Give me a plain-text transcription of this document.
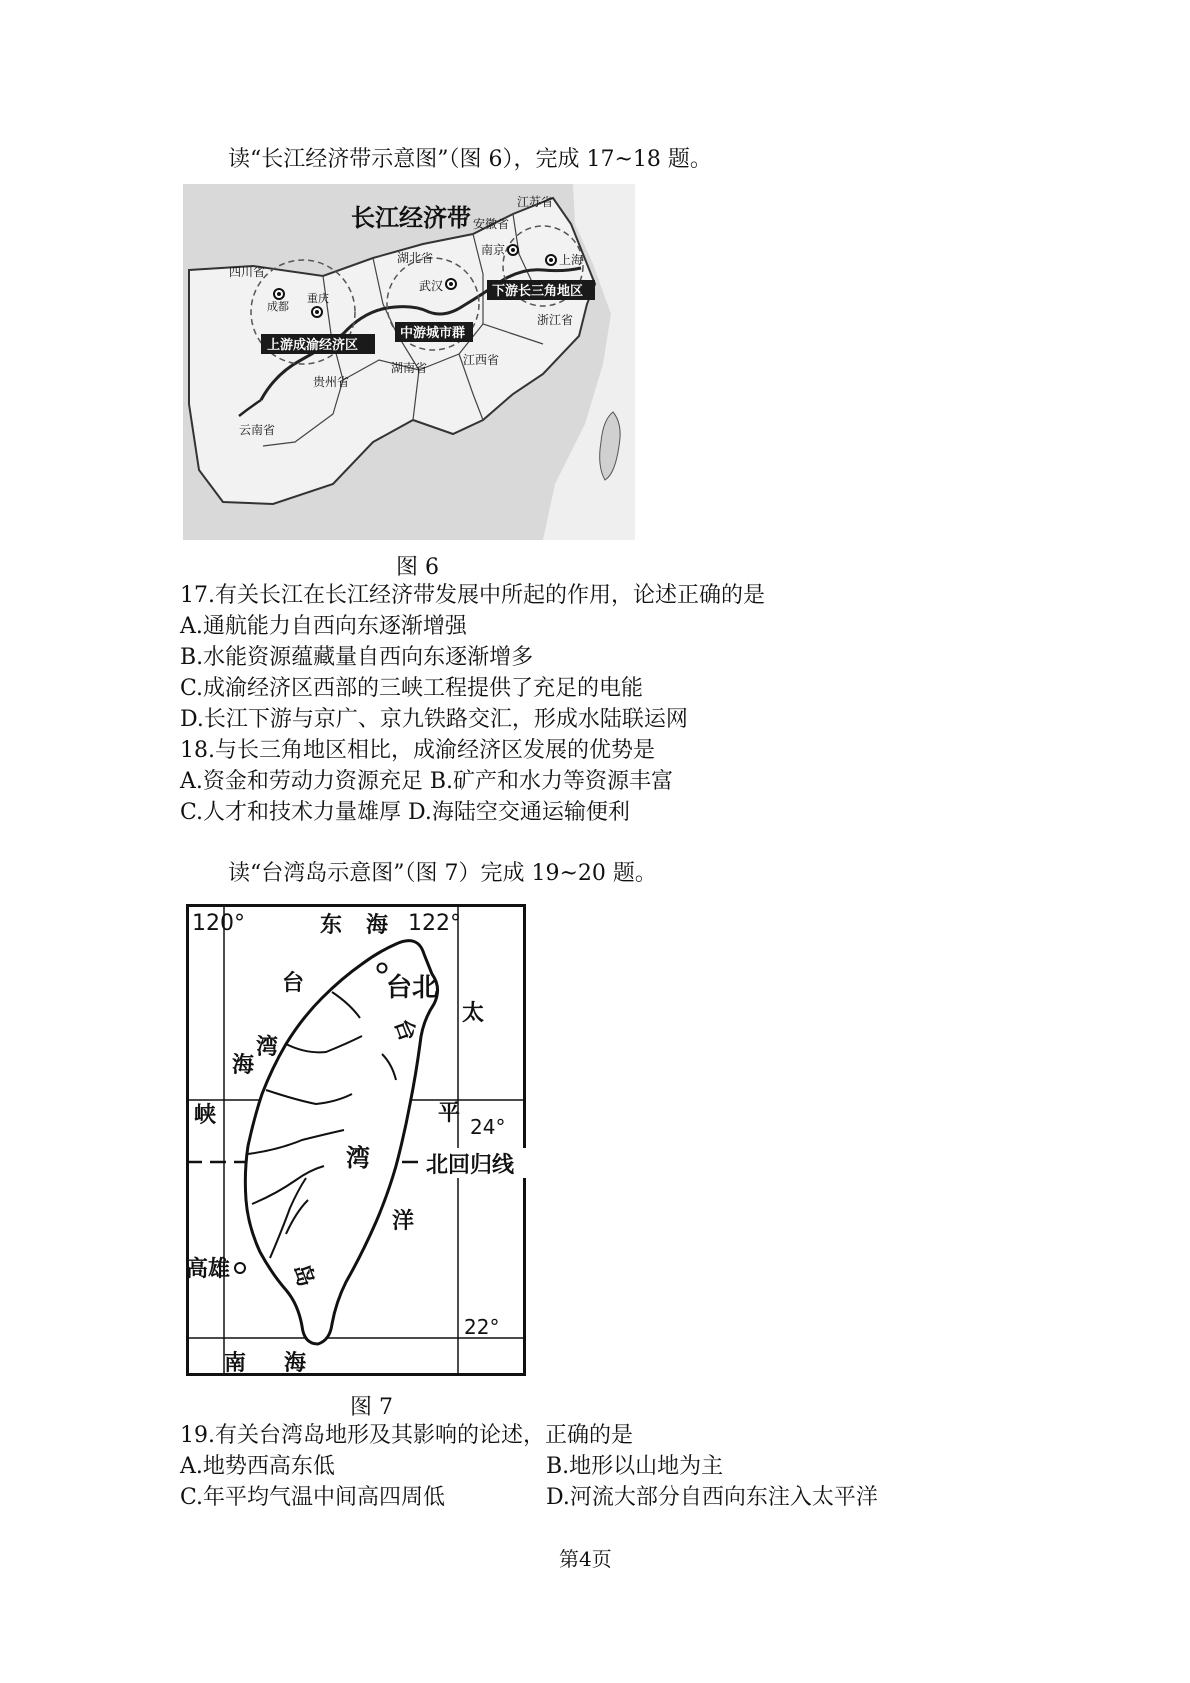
读“长江经济带示意图”（图 6），完成 17~18 题。
长江经济带
四川省
成都
重庆
湖北省
武汉
安徽省
江苏省
南京
上海
浙江省
江西省
湖南省
贵州省
云南省
上游成渝经济区
中游城市群
下游长三角地区
图 6
17.有关长江在长江经济带发展中所起的作用，论述正确的是
A.通航能力自西向东逐渐增强
B.水能资源蕴藏量自西向东逐渐增多
C.成渝经济区西部的三峡工程提供了充足的电能
D.长江下游与京广、京九铁路交汇，形成水陆联运网
18.与长三角地区相比，成渝经济区发展的优势是
A.资金和劳动力资源充足 B.矿产和水力等资源丰富
C.人才和技术力量雄厚 D.海陆空交通运输便利
读“台湾岛示意图”（图 7）完成 19~20 题。
120°	122°
24°
22°
东 海
台
湾
海
峡
太
平
洋
台北
台
湾
岛
北回归线
高雄
南 海
图 7
19.有关台湾岛地形及其影响的论述，正确的是
A.地势西高东低	B.地形以山地为主
C.年平均气温中间高四周低	D.河流大部分自西向东注入太平洋
第4页
